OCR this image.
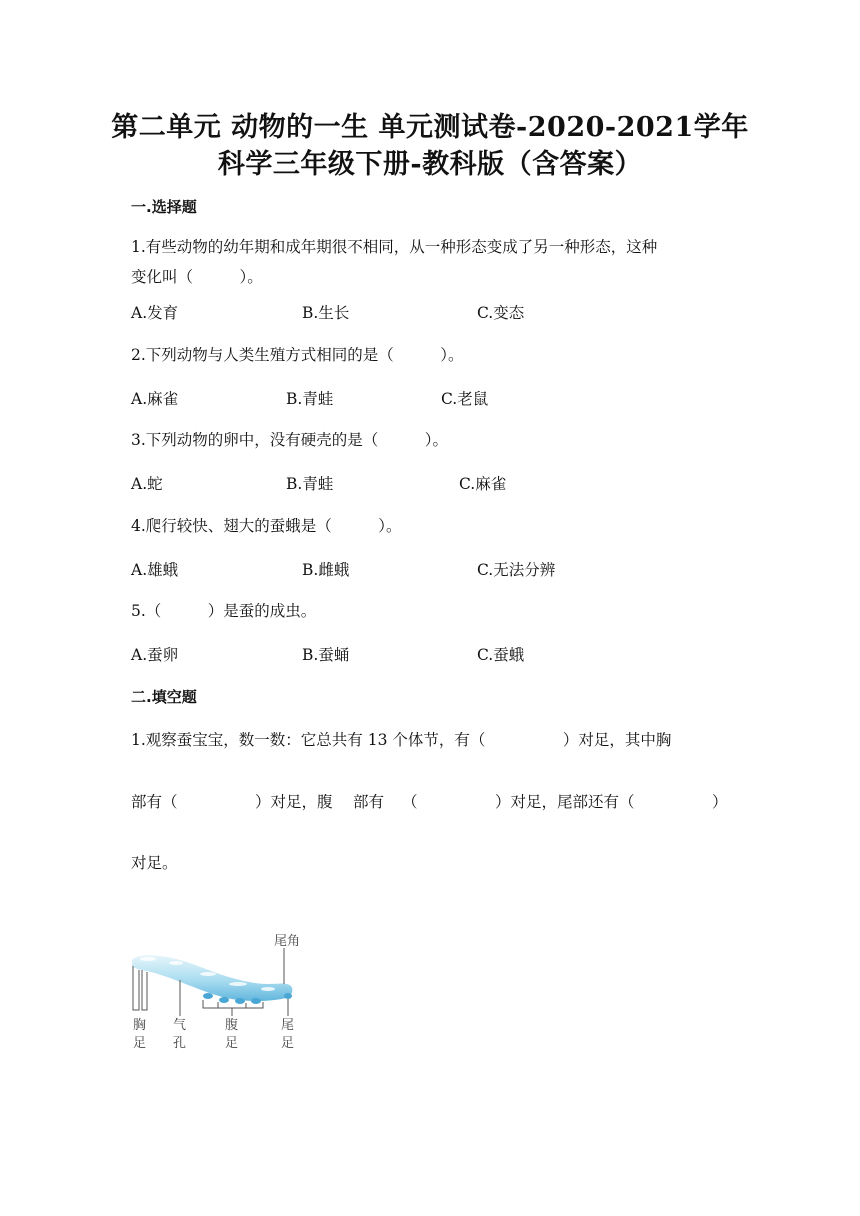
第二单元 动物的一生 单元测试卷-2020-2021学年
科学三年级下册-教科版（含答案）
一.选择题
1.有些动物的幼年期和成年期很不相同，从一种形态变成了另一种形态，这种
变化叫（　　　）。
A.发育	B.生长	C.变态
2.下列动物与人类生殖方式相同的是（　　　）。
A.麻雀	B.青蛙	C.老鼠
3.下列动物的卵中，没有硬壳的是（　　　）。
A.蛇	B.青蛙	C.麻雀
4.爬行较快、翅大的蚕蛾是（　　　）。
A.雄蛾	B.雌蛾	C.无法分辨
5.（　　　）是蚕的成虫。
A.蚕卵	B.蚕蛹	C.蚕蛾
二.填空题
1.观察蚕宝宝，数一数：它总共有 13 个体节，有（　　　　　）对足，其中胸
部有（　　　　　）对足，腹 部有 （　　　　　）对足，尾部还有（　　　　　）
对足。
尾角
胸
足
气
孔
腹
足
尾
足
